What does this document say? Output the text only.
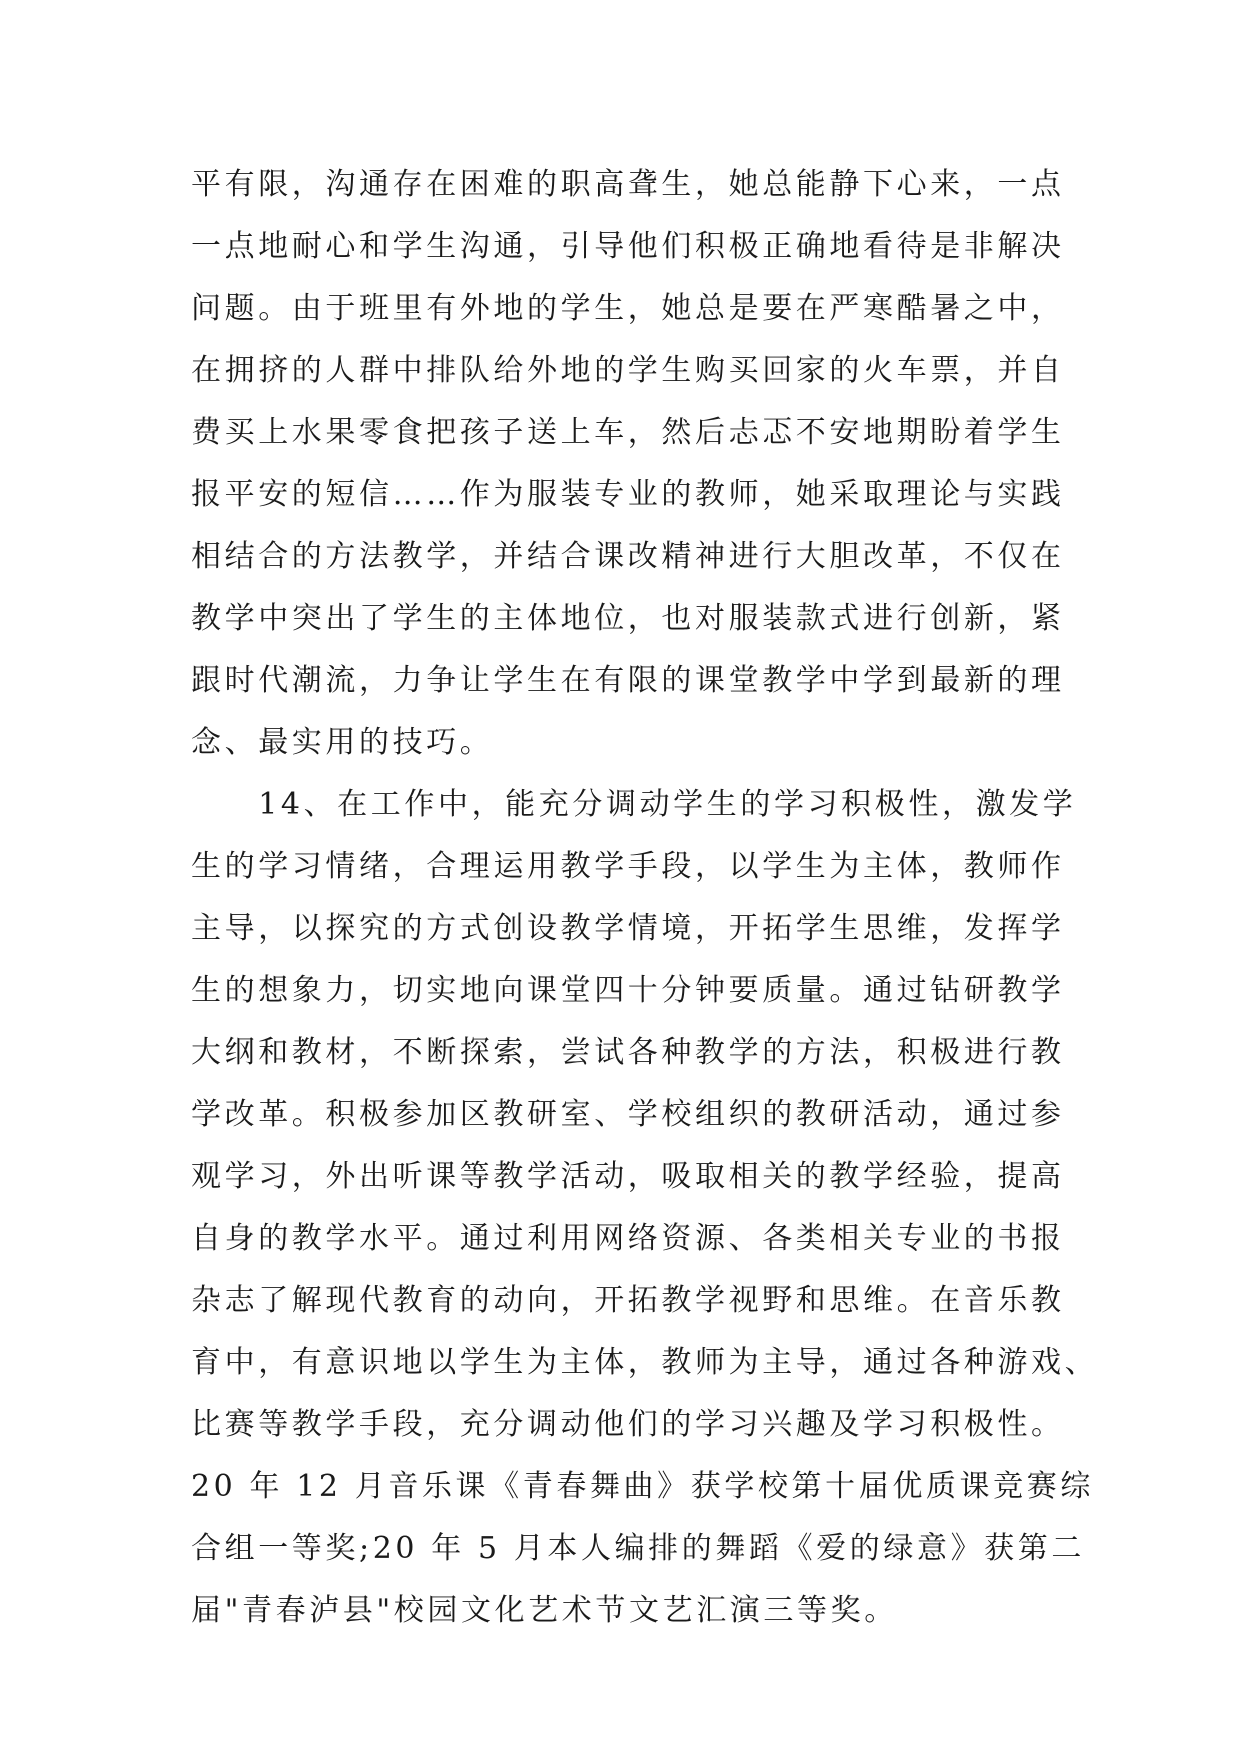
平有限，沟通存在困难的职高聋生，她总能静下心来，一点
一点地耐心和学生沟通，引导他们积极正确地看待是非解决
问题。由于班里有外地的学生，她总是要在严寒酷暑之中，
在拥挤的人群中排队给外地的学生购买回家的火车票，并自
费买上水果零食把孩子送上车，然后忐忑不安地期盼着学生
报平安的短信……作为服装专业的教师，她采取理论与实践
相结合的方法教学，并结合课改精神进行大胆改革，不仅在
教学中突出了学生的主体地位，也对服装款式进行创新，紧
跟时代潮流，力争让学生在有限的课堂教学中学到最新的理
念、最实用的技巧。
　　14、在工作中，能充分调动学生的学习积极性，激发学
生的学习情绪，合理运用教学手段，以学生为主体，教师作
主导，以探究的方式创设教学情境，开拓学生思维，发挥学
生的想象力，切实地向课堂四十分钟要质量。通过钻研教学
大纲和教材，不断探索，尝试各种教学的方法，积极进行教
学改革。积极参加区教研室、学校组织的教研活动，通过参
观学习，外出听课等教学活动，吸取相关的教学经验，提高
自身的教学水平。通过利用网络资源、各类相关专业的书报
杂志了解现代教育的动向，开拓教学视野和思维。在音乐教
育中，有意识地以学生为主体，教师为主导，通过各种游戏、
比赛等教学手段，充分调动他们的学习兴趣及学习积极性。
20 年 12 月音乐课《青春舞曲》获学校第十届优质课竞赛综
合组一等奖;20 年 5 月本人编排的舞蹈《爱的绿意》获第二
届"青春泸县"校园文化艺术节文艺汇演三等奖。
